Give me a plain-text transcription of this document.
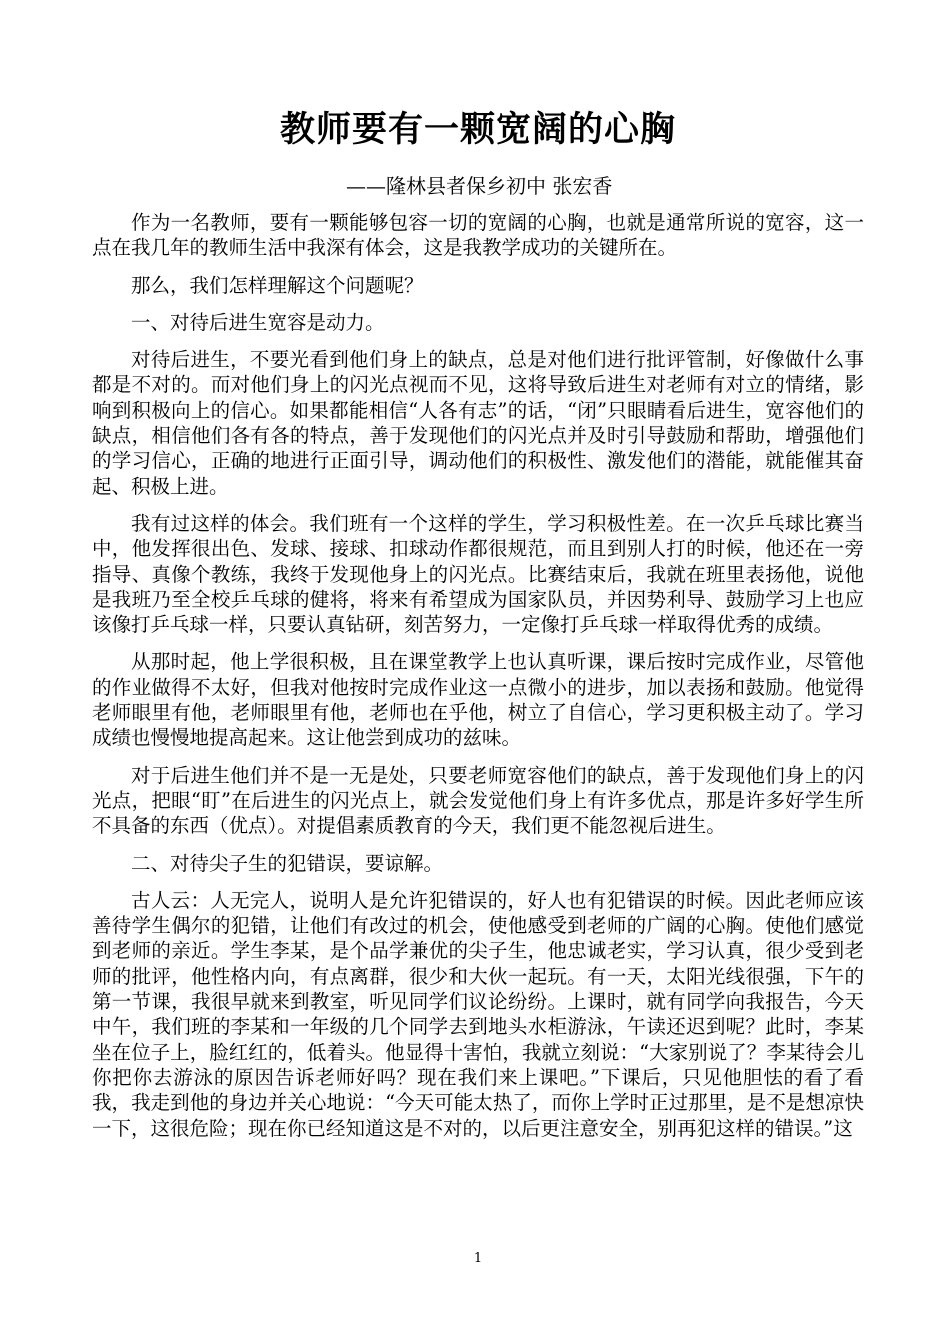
教师要有一颗宽阔的心胸
——隆林县者保乡初中 张宏香

作为一名教师，要有一颗能够包容一切的宽阔的心胸，也就是通常所说的宽容，这一点在我几年的教师生活中我深有体会，这是我教学成功的关键所在。

那么，我们怎样理解这个问题呢？

一、对待后进生宽容是动力。

对待后进生，不要光看到他们身上的缺点，总是对他们进行批评管制，好像做什么事都是不对的。而对他们身上的闪光点视而不见，这将导致后进生对老师有对立的情绪，影响到积极向上的信心。如果都能相信“人各有志”的话，“闭”只眼睛看后进生，宽容他们的缺点，相信他们各有各的特点，善于发现他们的闪光点并及时引导鼓励和帮助，增强他们的学习信心，正确的地进行正面引导，调动他们的积极性、激发他们的潜能，就能催其奋起、积极上进。

我有过这样的体会。我们班有一个这样的学生，学习积极性差。在一次乒乓球比赛当中，他发挥很出色、发球、接球、扣球动作都很规范，而且到别人打的时候，他还在一旁指导、真像个教练，我终于发现他身上的闪光点。比赛结束后，我就在班里表扬他，说他是我班乃至全校乒乓球的健将，将来有希望成为国家队员，并因势利导、鼓励学习上也应该像打乒乓球一样，只要认真钻研，刻苦努力，一定像打乒乓球一样取得优秀的成绩。

从那时起，他上学很积极，且在课堂教学上也认真听课，课后按时完成作业，尽管他的作业做得不太好，但我对他按时完成作业这一点微小的进步，加以表扬和鼓励。他觉得老师眼里有他，老师眼里有他，老师也在乎他，树立了自信心，学习更积极主动了。学习成绩也慢慢地提高起来。这让他尝到成功的兹味。

对于后进生他们并不是一无是处，只要老师宽容他们的缺点，善于发现他们身上的闪光点，把眼“盯”在后进生的闪光点上，就会发觉他们身上有许多优点，那是许多好学生所不具备的东西（优点）。对提倡素质教育的今天，我们更不能忽视后进生。

二、对待尖子生的犯错误，要谅解。

古人云：人无完人，说明人是允许犯错误的，好人也有犯错误的时候。因此老师应该善待学生偶尔的犯错，让他们有改过的机会，使他感受到老师的广阔的心胸。使他们感觉到老师的亲近。学生李某，是个品学兼优的尖子生，他忠诚老实，学习认真，很少受到老师的批评，他性格内向，有点离群，很少和大伙一起玩。有一天，太阳光线很强，下午的第一节课，我很早就来到教室，听见同学们议论纷纷。上课时，就有同学向我报告，今天中午，我们班的李某和一年级的几个同学去到地头水柜游泳，午读还迟到呢？此时，李某坐在位子上，脸红红的，低着头。他显得十害怕，我就立刻说：“大家别说了？李某待会儿你把你去游泳的原因告诉老师好吗？现在我们来上课吧。”下课后，只见他胆怯的看了看我，我走到他的身边并关心地说：“今天可能太热了，而你上学时正过那里，是不是想凉快一下，这很危险；现在你已经知道这是不对的，以后更注意安全，别再犯这样的错误。”这

1
